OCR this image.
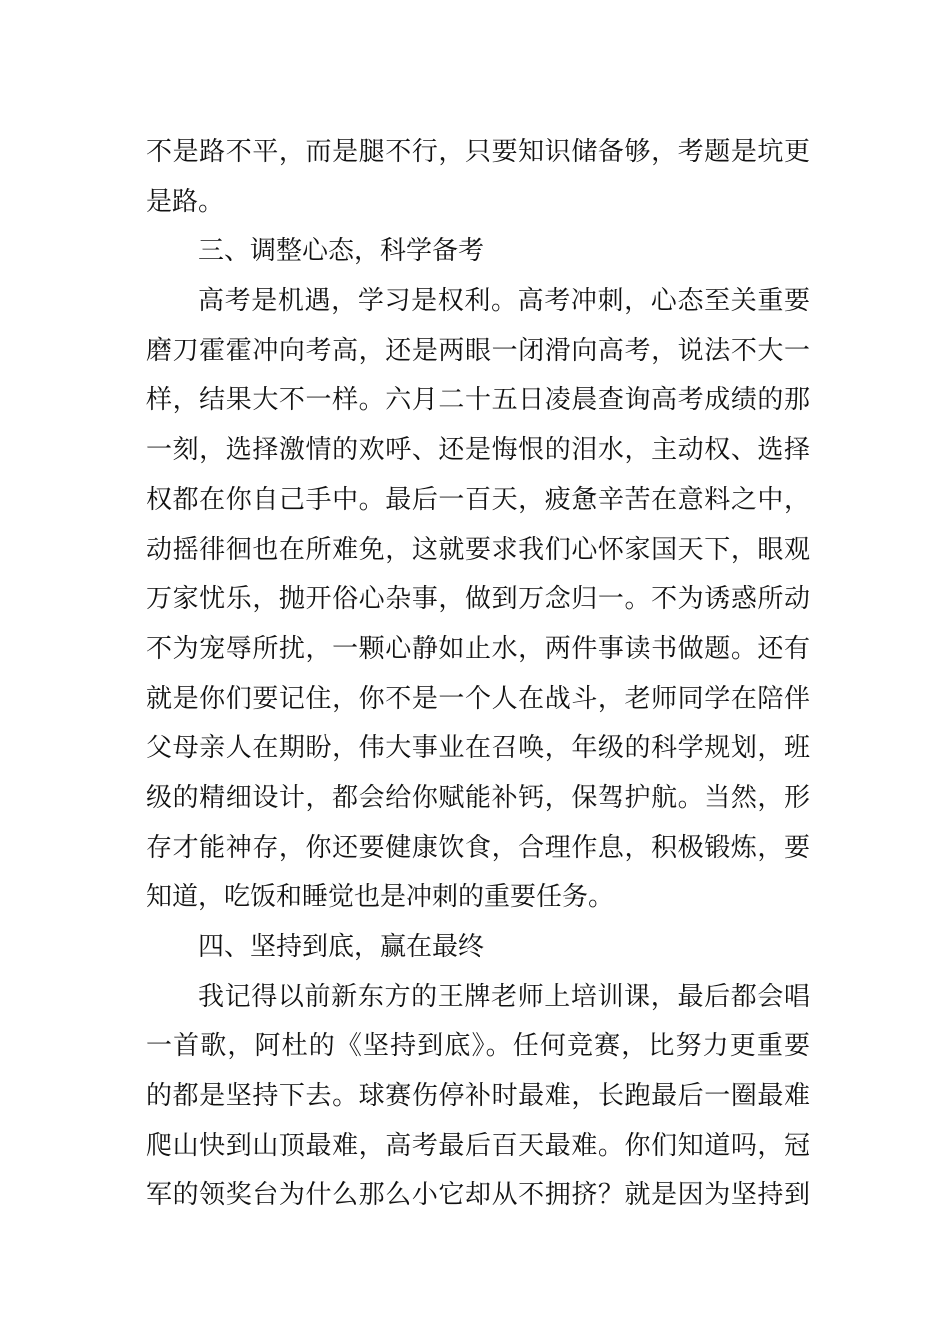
不是路不平，而是腿不行，只要知识储备够，考题是坑更
是路。
三、调整心态，科学备考
高考是机遇，学习是权利。高考冲刺，心态至关重要
磨刀霍霍冲向考高，还是两眼一闭滑向高考，说法不大一
样，结果大不一样。六月二十五日凌晨查询高考成绩的那
一刻，选择激情的欢呼、还是悔恨的泪水，主动权、选择
权都在你自己手中。最后一百天，疲惫辛苦在意料之中，
动摇徘徊也在所难免，这就要求我们心怀家国天下，眼观
万家忧乐，抛开俗心杂事，做到万念归一。不为诱惑所动
不为宠辱所扰，一颗心静如止水，两件事读书做题。还有
就是你们要记住，你不是一个人在战斗，老师同学在陪伴
父母亲人在期盼，伟大事业在召唤，年级的科学规划，班
级的精细设计，都会给你赋能补钙，保驾护航。当然，形
存才能神存，你还要健康饮食，合理作息，积极锻炼，要
知道，吃饭和睡觉也是冲刺的重要任务。
四、坚持到底，赢在最终
我记得以前新东方的王牌老师上培训课，最后都会唱
一首歌，阿杜的《坚持到底》。任何竞赛，比努力更重要
的都是坚持下去。球赛伤停补时最难，长跑最后一圈最难
爬山快到山顶最难，高考最后百天最难。你们知道吗，冠
军的领奖台为什么那么小它却从不拥挤？就是因为坚持到
